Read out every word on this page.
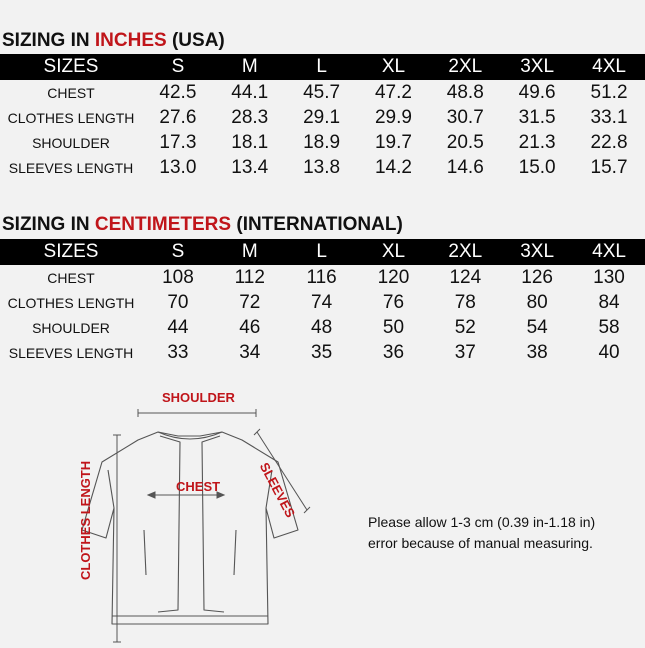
SIZING IN INCHES (USA)
SIZES	S	M	L	XL	2XL	3XL	4XL
CHEST	42.5	44.1	45.7	47.2	48.8	49.6	51.2
CLOTHES LENGTH	27.6	28.3	29.1	29.9	30.7	31.5	33.1
SHOULDER	17.3	18.1	18.9	19.7	20.5	21.3	22.8
SLEEVES LENGTH	13.0	13.4	13.8	14.2	14.6	15.0	15.7
SIZING IN CENTIMETERS (INTERNATIONAL)
SIZES	S	M	L	XL	2XL	3XL	4XL
CHEST	108	112	116	120	124	126	130
CLOTHES LENGTH	70	72	74	76	78	80	84
SHOULDER	44	46	48	50	52	54	58
SLEEVES LENGTH	33	34	35	36	37	38	40
SHOULDER
CHEST	SLEEVES
CLOTHES LENGTH	Please allow 1-3 cm (0.39 in-1.18 in)
error because of manual measuring.
